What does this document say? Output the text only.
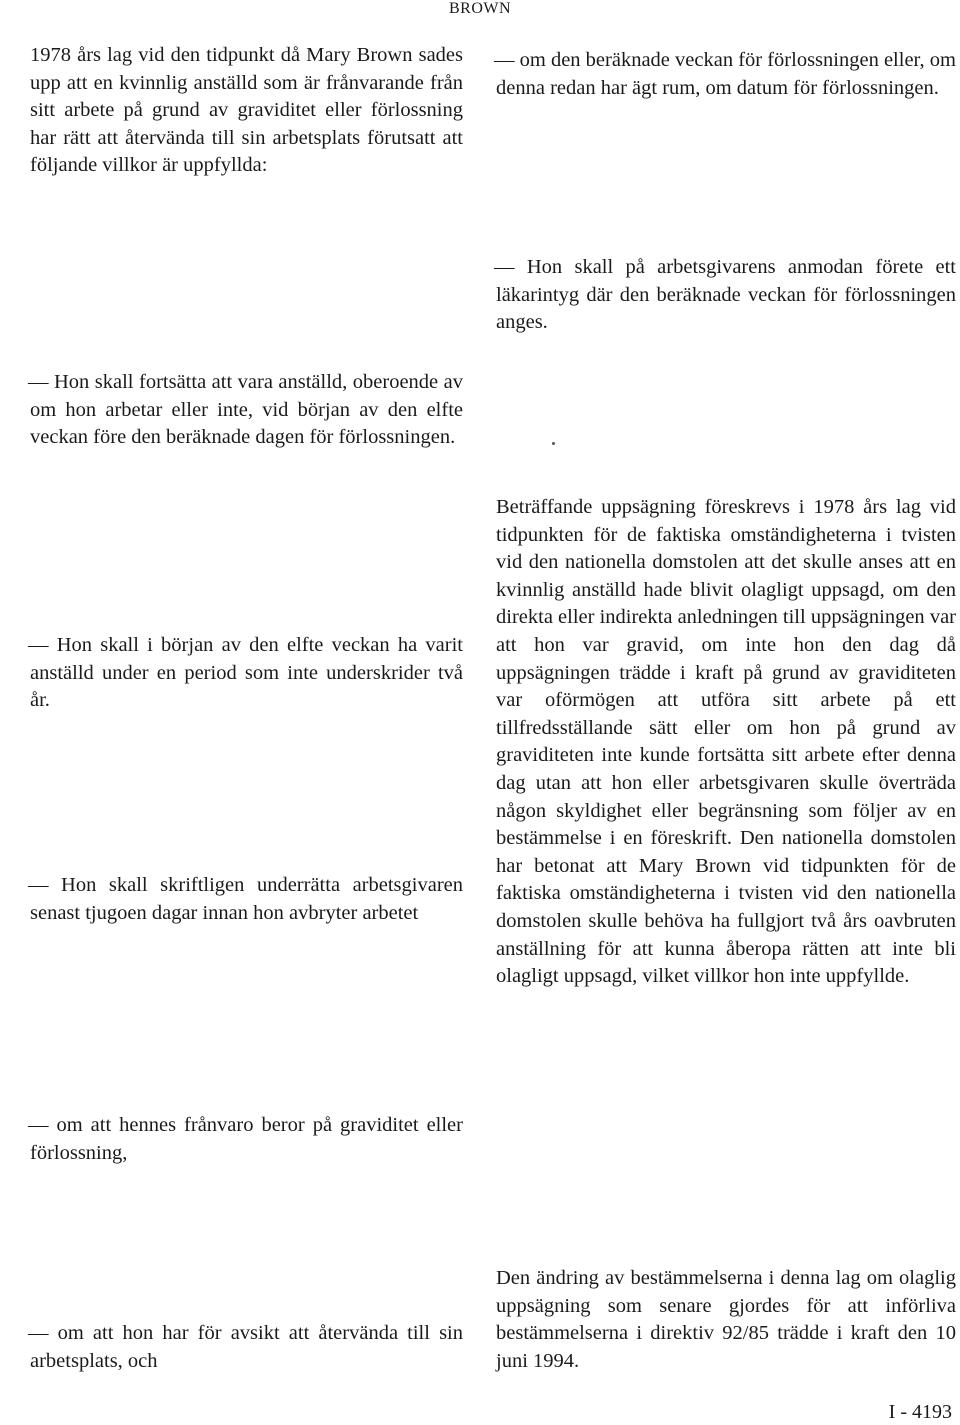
BROWN

1978 års lag vid den tidpunkt då Mary Brown sades upp att en kvinnlig anställd som är frånvarande från sitt arbete på grund av graviditet eller förlossning har rätt att återvända till sin arbetsplats förutsatt att följande villkor är uppfyllda:

— Hon skall fortsätta att vara anställd, oberoende av om hon arbetar eller inte, vid början av den elfte veckan före den beräknade dagen för förlossningen.

— Hon skall i början av den elfte veckan ha varit anställd under en period som inte underskrider två år.

— Hon skall skriftligen underrätta arbetsgivaren senast tjugoen dagar innan hon avbryter arbetet

— om att hennes frånvaro beror på graviditet eller förlossning,

— om att hon har för avsikt att återvända till sin arbetsplats, och

— om den beräknade veckan för förlossningen eller, om denna redan har ägt rum, om datum för förlossningen.

— Hon skall på arbetsgivarens anmodan förete ett läkarintyg där den beräknade veckan för förlossningen anges.

Beträffande uppsägning föreskrevs i 1978 års lag vid tidpunkten för de faktiska omständigheterna i tvisten vid den nationella domstolen att det skulle anses att en kvinnlig anställd hade blivit olagligt uppsagd, om den direkta eller indirekta anledningen till uppsägningen var att hon var gravid, om inte hon den dag då uppsägningen trädde i kraft på grund av graviditeten var oförmögen att utföra sitt arbete på ett tillfredsställande sätt eller om hon på grund av graviditeten inte kunde fortsätta sitt arbete efter denna dag utan att hon eller arbetsgivaren skulle överträda någon skyldighet eller begränsning som följer av en bestämmelse i en föreskrift. Den nationella domstolen har betonat att Mary Brown vid tidpunkten för de faktiska omständigheterna i tvisten vid den nationella domstolen skulle behöva ha fullgjort två års oavbruten anställning för att kunna åberopa rätten att inte bli olagligt uppsagd, vilket villkor hon inte uppfyllde.

Den ändring av bestämmelserna i denna lag om olaglig uppsägning som senare gjordes för att införliva bestämmelserna i direktiv 92/85 trädde i kraft den 10 juni 1994.

I - 4193
